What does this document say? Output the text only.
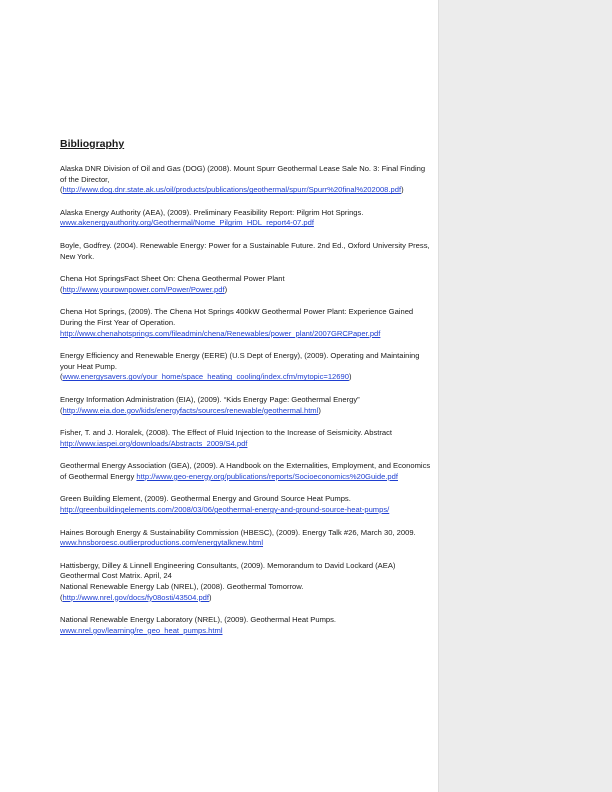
Bibliography

Alaska DNR Division of Oil and Gas (DOG) (2008). Mount Spurr Geothermal Lease Sale No. 3: Final Finding of the Director,
(http://www.dog.dnr.state.ak.us/oil/products/publications/geothermal/spurr/Spurr%20final%202008.pdf)

Alaska Energy Authority (AEA), (2009). Preliminary Feasibility Report: Pilgrim Hot Springs.
www.akenergyauthority.org/Geothermal/Nome_Pilgrim_HDL_report4-07.pdf

Boyle, Godfrey. (2004). Renewable Energy: Power for a Sustainable Future. 2nd Ed., Oxford University Press, New York.

Chena Hot SpringsFact Sheet On: Chena Geothermal Power Plant
(http://www.yourownpower.com/Power/Power.pdf)

Chena Hot Springs, (2009). The Chena Hot Springs 400kW Geothermal Power Plant: Experience Gained During the First Year of Operation.
http://www.chenahotsprings.com/fileadmin/chena/Renewables/power_plant/2007GRCPaper.pdf

Energy Efficiency and Renewable Energy (EERE) (U.S Dept of Energy), (2009). Operating and Maintaining your Heat Pump.
(www.energysavers.gov/your_home/space_heating_cooling/index.cfm/mytopic=12690)

Energy Information Administration (EIA), (2009). “Kids Energy Page: Geothermal Energy”
(http://www.eia.doe.gov/kids/energyfacts/sources/renewable/geothermal.html)

Fisher, T. and J. Horalek, (2008). The Effect of Fluid Injection to the Increase of Seismicity. Abstract
http://www.iaspei.org/downloads/Abstracts_2009/S4.pdf

Geothermal Energy Association (GEA), (2009). A Handbook on the Externalities, Employment, and Economics of Geothermal Energy http://www.geo-energy.org/publications/reports/Socioeconomics%20Guide.pdf

Green Building Element, (2009). Geothermal Energy and Ground Source Heat Pumps.
http://greenbuildingelements.com/2008/03/06/geothermal-energy-and-ground-source-heat-pumps/

Haines Borough Energy & Sustainability Commission (HBESC), (2009). Energy Talk #26, March 30, 2009.
www.hnsboroesc.outlierproductions.com/energytalknew.html

Hattisbergy, Dilley & Linnell Engineering Consultants, (2009). Memorandum to David Lockard (AEA) Geothermal Cost Matrix. April, 24
National Renewable Energy Lab (NREL), (2008). Geothermal Tomorrow.
(http://www.nrel.gov/docs/fy08osti/43504.pdf)

National Renewable Energy Laboratory (NREL), (2009). Geothermal Heat Pumps.
www.nrel.gov/learning/re_geo_heat_pumps.html
